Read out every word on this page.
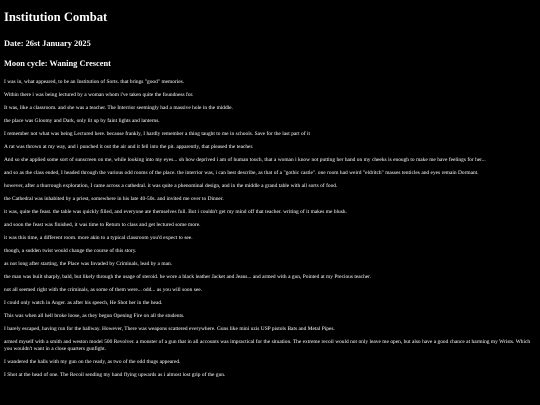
Institution Combat
Date: 26st January 2025
Moon cycle: Waning Crescent

I was in, what appeared, to be an Institution of Sorts. that brings "good" memories.

Within there i was being lectured by a woman whom i've taken quite the foundness for.

It was, like a classroom. and she was a teacher. The Interrior seemingly had a massive hole in the middle.

the place was Gloomy and Dark, only lit up by faint lights and lanterns.

I remember not what was being Lectured here. because frankly, I hardly remember a thing taught to me in schools. Save for the last part of it

A rat was thrown at my way, and i punched it out the air and it fell into the pit. apparently, that pleased the teacher.

And so she applied some sort of sunscreen on me, while looking into my eyes... oh how deprived i am of human touch, that a woman i know not putting her hand on my cheeks is enough to make me have feelings for her...

and so as the class ended, I headed through the various odd rooms of the place. the interrior was, i can best describe, as that of a "gothic castle". one room had weird "eldritch" masses tenticles and eyes remain Dormant.

however, after a thurrough exploration, I came across a cathedral. it was quite a phenominal design, and in the middle a grand table with all sorts of food.

the Cathedral was inhabited by a priest, somewhere in his late 40-50s. and invited me over to Dinner.

it was, quite the feast. the table was quickly filled, and everyone ate themselves full. But i couldn't get my mind off that teacher. writing of it makes me blush.

and soon the feast was finished, it was time to Return to class and get lectured some more.

it was this time, a different room. more akin to a typical classroom you'd expect to see.

though, a sudden twist would change the course of this story.

as not long after starting, the Place was Invaded by Criminals, lead by a man.

the man was built sharply, bald, but likely through the usage of steroid. he wore a black leather Jacket and Jeans... and armed with a gun, Pointed at my Precious teacher.

not all seemed right with the criminals, as some of them were... odd... as you will soon see.

I could only watch in Anger. as after his speech, He Shot her in the head.

This was when all hell broke loose, as they begun Opening Fire on all the students.

I barely escaped, having run for the hallway. However, There was weapons scattered everywhere. Guns like mini uzis USP pistols Bats and Metal Pipes.

armed myself with a smith and weston model 500 Revolver. a monster of a gun that in all accounts was impractical for the situation. The extreme recoil would not only leave me open, but also have a good chance at harming my Wrists. Which you wouldn't want in a close quarters gunfight.

I wandered the halls with my gun on the ready, as two of the odd thugs appeared.

I Shot at the head of one. The Recoil sending my hand flying upwards as i almost lost grip of the gun.
